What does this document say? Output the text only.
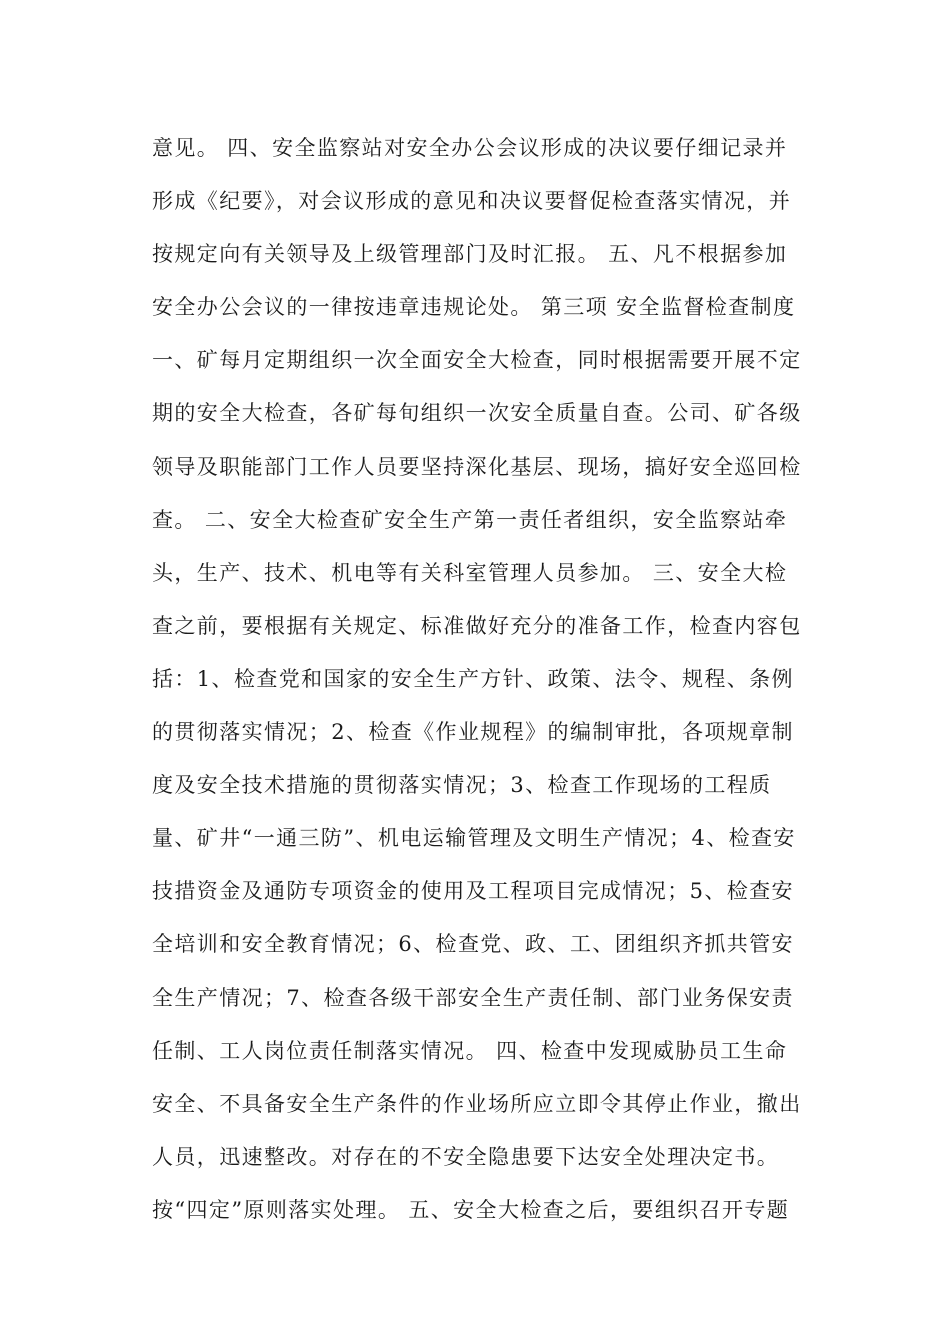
意见。 四、安全监察站对安全办公会议形成的决议要仔细记录并
形成《纪要》，对会议形成的意见和决议要督促检查落实情况，并
按规定向有关领导及上级管理部门及时汇报。 五、凡不根据参加
安全办公会议的一律按违章违规论处。 第三项 安全监督检查制度
一、矿每月定期组织一次全面安全大检查，同时根据需要开展不定
期的安全大检查，各矿每旬组织一次安全质量自查。公司、矿各级
领导及职能部门工作人员要坚持深化基层、现场，搞好安全巡回检
查。 二、安全大检查矿安全生产第一责任者组织，安全监察站牵
头，生产、技术、机电等有关科室管理人员参加。 三、安全大检
查之前，要根据有关规定、标准做好充分的准备工作，检查内容包
括：1、检查党和国家的安全生产方针、政策、法令、规程、条例
的贯彻落实情况；2、检查《作业规程》的编制审批，各项规章制
度及安全技术措施的贯彻落实情况；3、检查工作现场的工程质
量、矿井“一通三防”、机电运输管理及文明生产情况；4、检查安
技措资金及通防专项资金的使用及工程项目完成情况；5、检查安
全培训和安全教育情况；6、检查党、政、工、团组织齐抓共管安
全生产情况；7、检查各级干部安全生产责任制、部门业务保安责
任制、工人岗位责任制落实情况。 四、检查中发现威胁员工生命
安全、不具备安全生产条件的作业场所应立即令其停止作业，撤出
人员，迅速整改。对存在的不安全隐患要下达安全处理决定书。
按“四定”原则落实处理。 五、安全大检查之后，要组织召开专题
